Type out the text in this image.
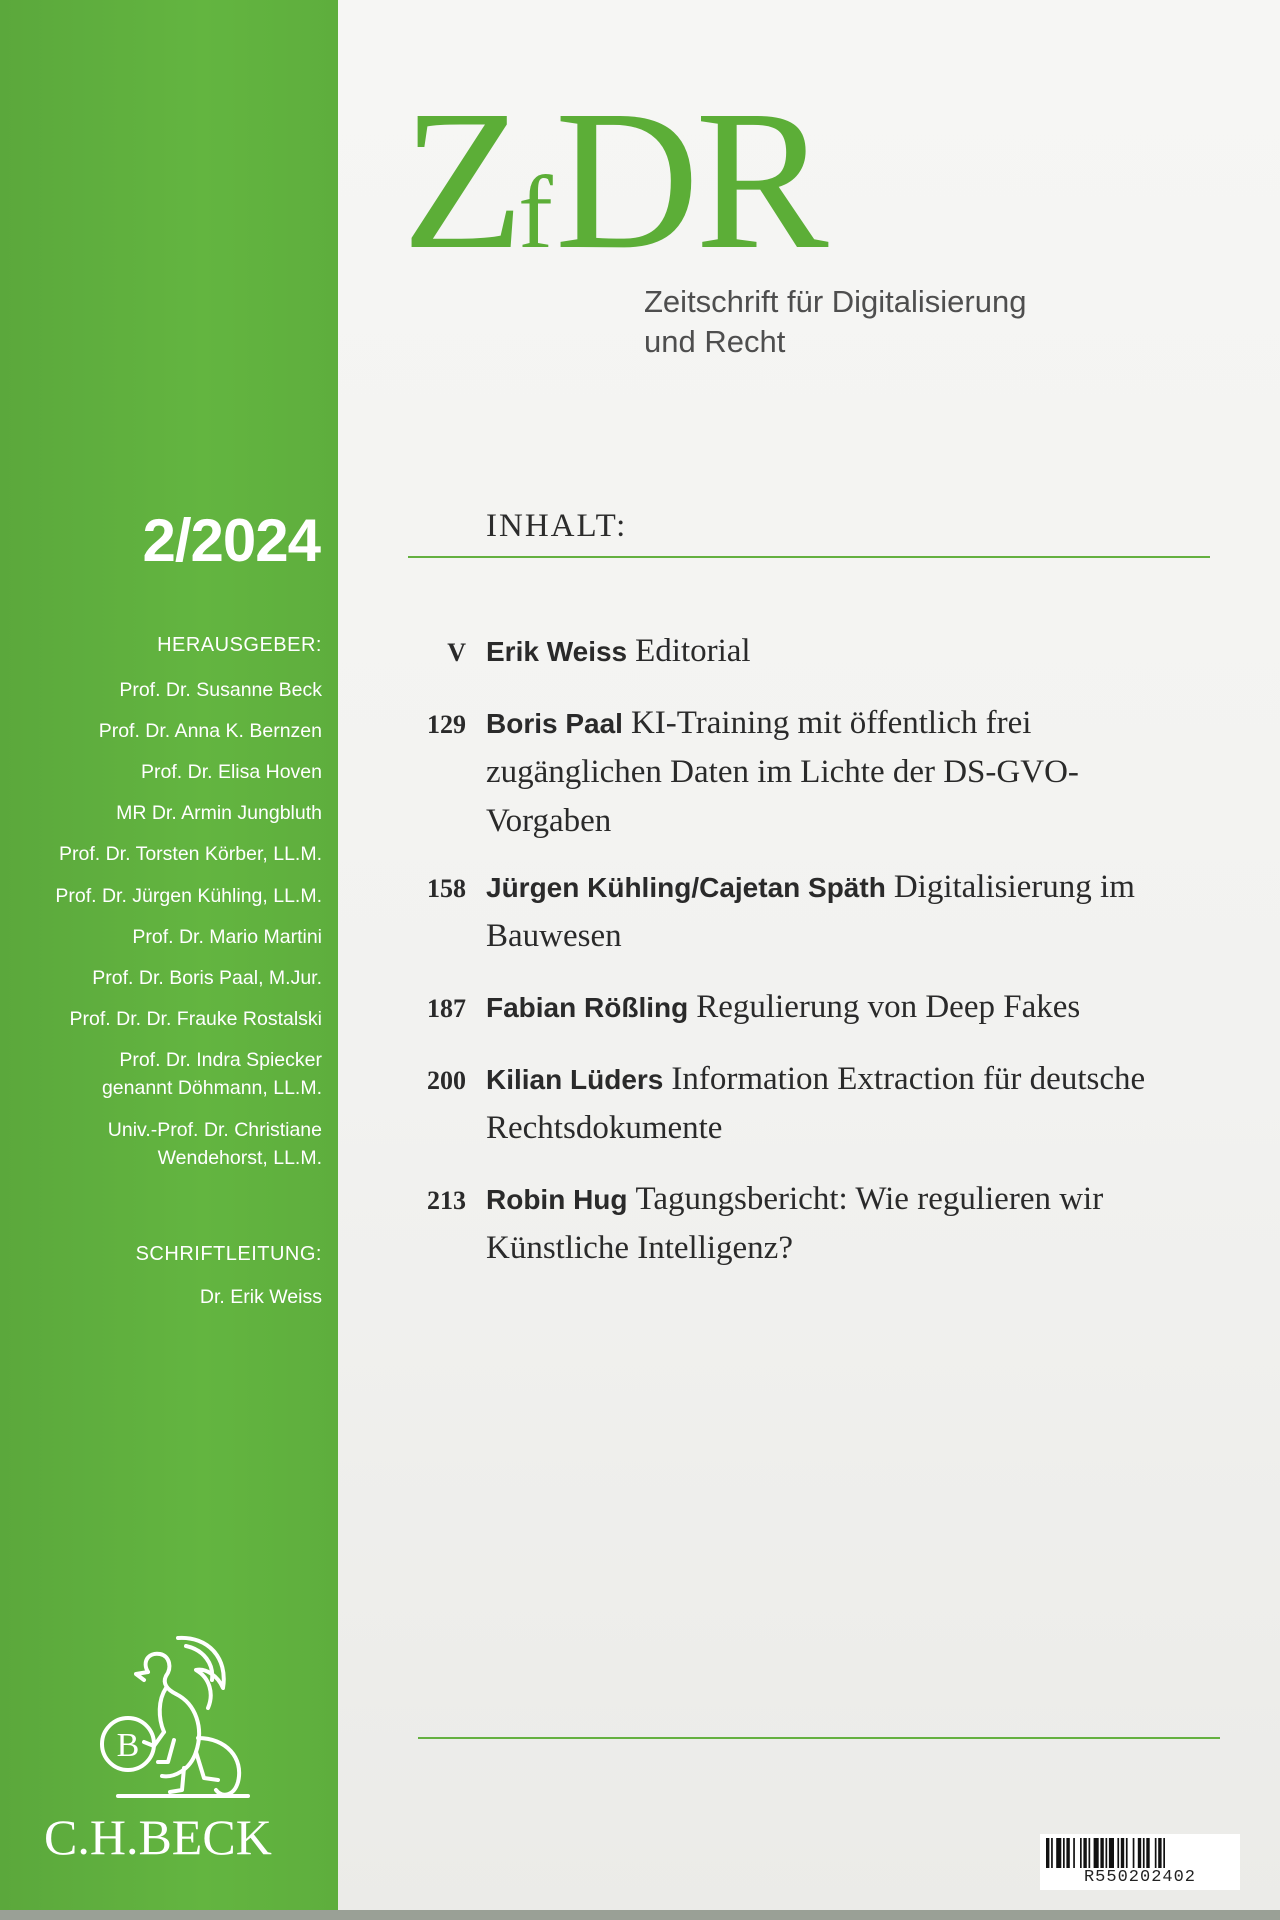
ZfDR
Zeitschrift für Digitalisierung
und Recht
2/2024
HERAUSGEBER:
Prof. Dr. Susanne Beck
Prof. Dr. Anna K. Bernzen
Prof. Dr. Elisa Hoven
MR Dr. Armin Jungbluth
Prof. Dr. Torsten Körber, LL.M.
Prof. Dr. Jürgen Kühling, LL.M.
Prof. Dr. Mario Martini
Prof. Dr. Boris Paal, M.Jur.
Prof. Dr. Dr. Frauke Rostalski
Prof. Dr. Indra Spiecker
genannt Döhmann, LL.M.
Univ.-Prof. Dr. Christiane
Wendehorst, LL.M.
SCHRIFTLEITUNG:
Dr. Erik Weiss
INHALT:
V Erik Weiss Editorial
129 Boris Paal KI-Training mit öffentlich frei zugänglichen Daten im Lichte der DS-GVO-Vorgaben
158 Jürgen Kühling/Cajetan Späth Digitalisierung im Bauwesen
187 Fabian Rößling Regulierung von Deep Fakes
200 Kilian Lüders Information Extraction für deutsche Rechtsdokumente
213 Robin Hug Tagungsbericht: Wie regulieren wir Künstliche Intelligenz?
B
C.H.BECK
R550202402
